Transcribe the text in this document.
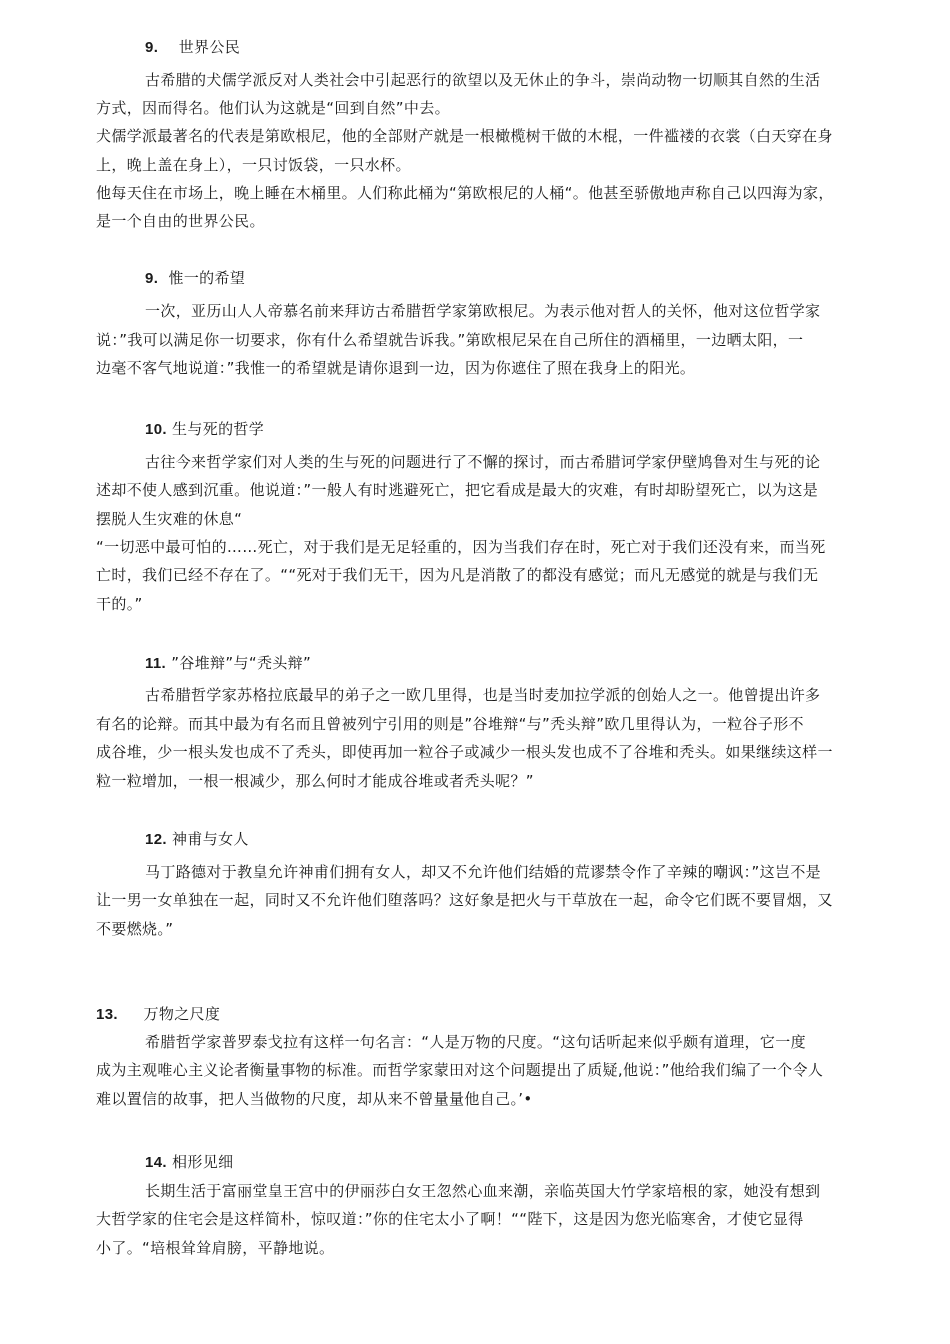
9. 世界公民
古希腊的犬儒学派反对人类社会中引起恶行的欲望以及无休止的争斗，崇尚动物一切顺其自然的生活
方式，因而得名。他们认为这就是“回到自然”中去。
犬儒学派最著名的代表是第欧根尼，他的全部财产就是一根橄榄树干做的木棍，一件褴褛的衣裳（白天穿在身
上，晚上盖在身上），一只讨饭袋，一只水杯。
他每天住在市场上，晚上睡在木桶里。人们称此桶为“第欧根尼的人桶“。他甚至骄傲地声称自己以四海为家，
是一个自由的世界公民。
9. 惟一的希望
一次，亚历山人人帝慕名前来拜访古希腊哲学家第欧根尼。为表示他对哲人的关怀，他对这位哲学家
说：”我可以满足你一切要求，你有什么希望就告诉我。”第欧根尼呆在自己所住的酒桶里，一边晒太阳，一
边毫不客气地说道：”我惟一的希望就是请你退到一边，因为你遮住了照在我身上的阳光。
10. 生与死的哲学
古往今来哲学家们对人类的生与死的问题进行了不懈的探讨，而古希腊诃学家伊壁鸠鲁对生与死的论
述却不使人感到沉重。他说道：”一般人有时逃避死亡，把它看成是最大的灾难，有时却盼望死亡，以为这是
摆脱人生灾难的休息“
“一切恶中最可怕的……死亡，对于我们是无足轻重的，因为当我们存在时，死亡对于我们还没有来，而当死
亡时，我们已经不存在了。““死对于我们无干，因为凡是消散了的都没有感觉；而凡无感觉的就是与我们无
干的。”
11. ”谷堆辩”与“秃头辩”
古希腊哲学家苏格拉底最早的弟子之一欧几里得，也是当时麦加拉学派的创始人之一。他曾提出许多
有名的论辩。而其中最为有名而且曾被列宁引用的则是”谷堆辩“与”秃头辩”欧几里得认为，一粒谷子形不
成谷堆，少一根头发也成不了秃头，即使再加一粒谷子或减少一根头发也成不了谷堆和秃头。如果继续这样一
粒一粒增加，一根一根减少，那么何时才能成谷堆或者秃头呢？”
12. 神甫与女人
马丁路德对于教皇允许神甫们拥有女人，却又不允许他们结婚的荒谬禁令作了辛辣的嘲讽：”这岂不是
让一男一女单独在一起，同时又不允许他们堕落吗？这好象是把火与干草放在一起，命令它们既不要冒烟，又
不要燃烧。”
13. 万物之尺度
希腊哲学家普罗泰戈拉有这样一句名言：“人是万物的尺度。“这句话听起来似乎颇有道理，它一度
成为主观唯心主义论者衡量事物的标准。而哲学家蒙田对这个问题提出了质疑,他说：”他给我们编了一个令人
难以置信的故事，把人当做物的尺度，却从来不曾量量他自己。’•
14. 相形见细
长期生活于富丽堂皇王宫中的伊丽莎白女王忽然心血来潮，亲临英国大竹学家培根的家，她没有想到
大哲学家的住宅会是这样简朴，惊叹道：”你的住宅太小了啊！““陛下，这是因为您光临寒舍，才使它显得
小了。“培根耸耸肩膀，平静地说。
